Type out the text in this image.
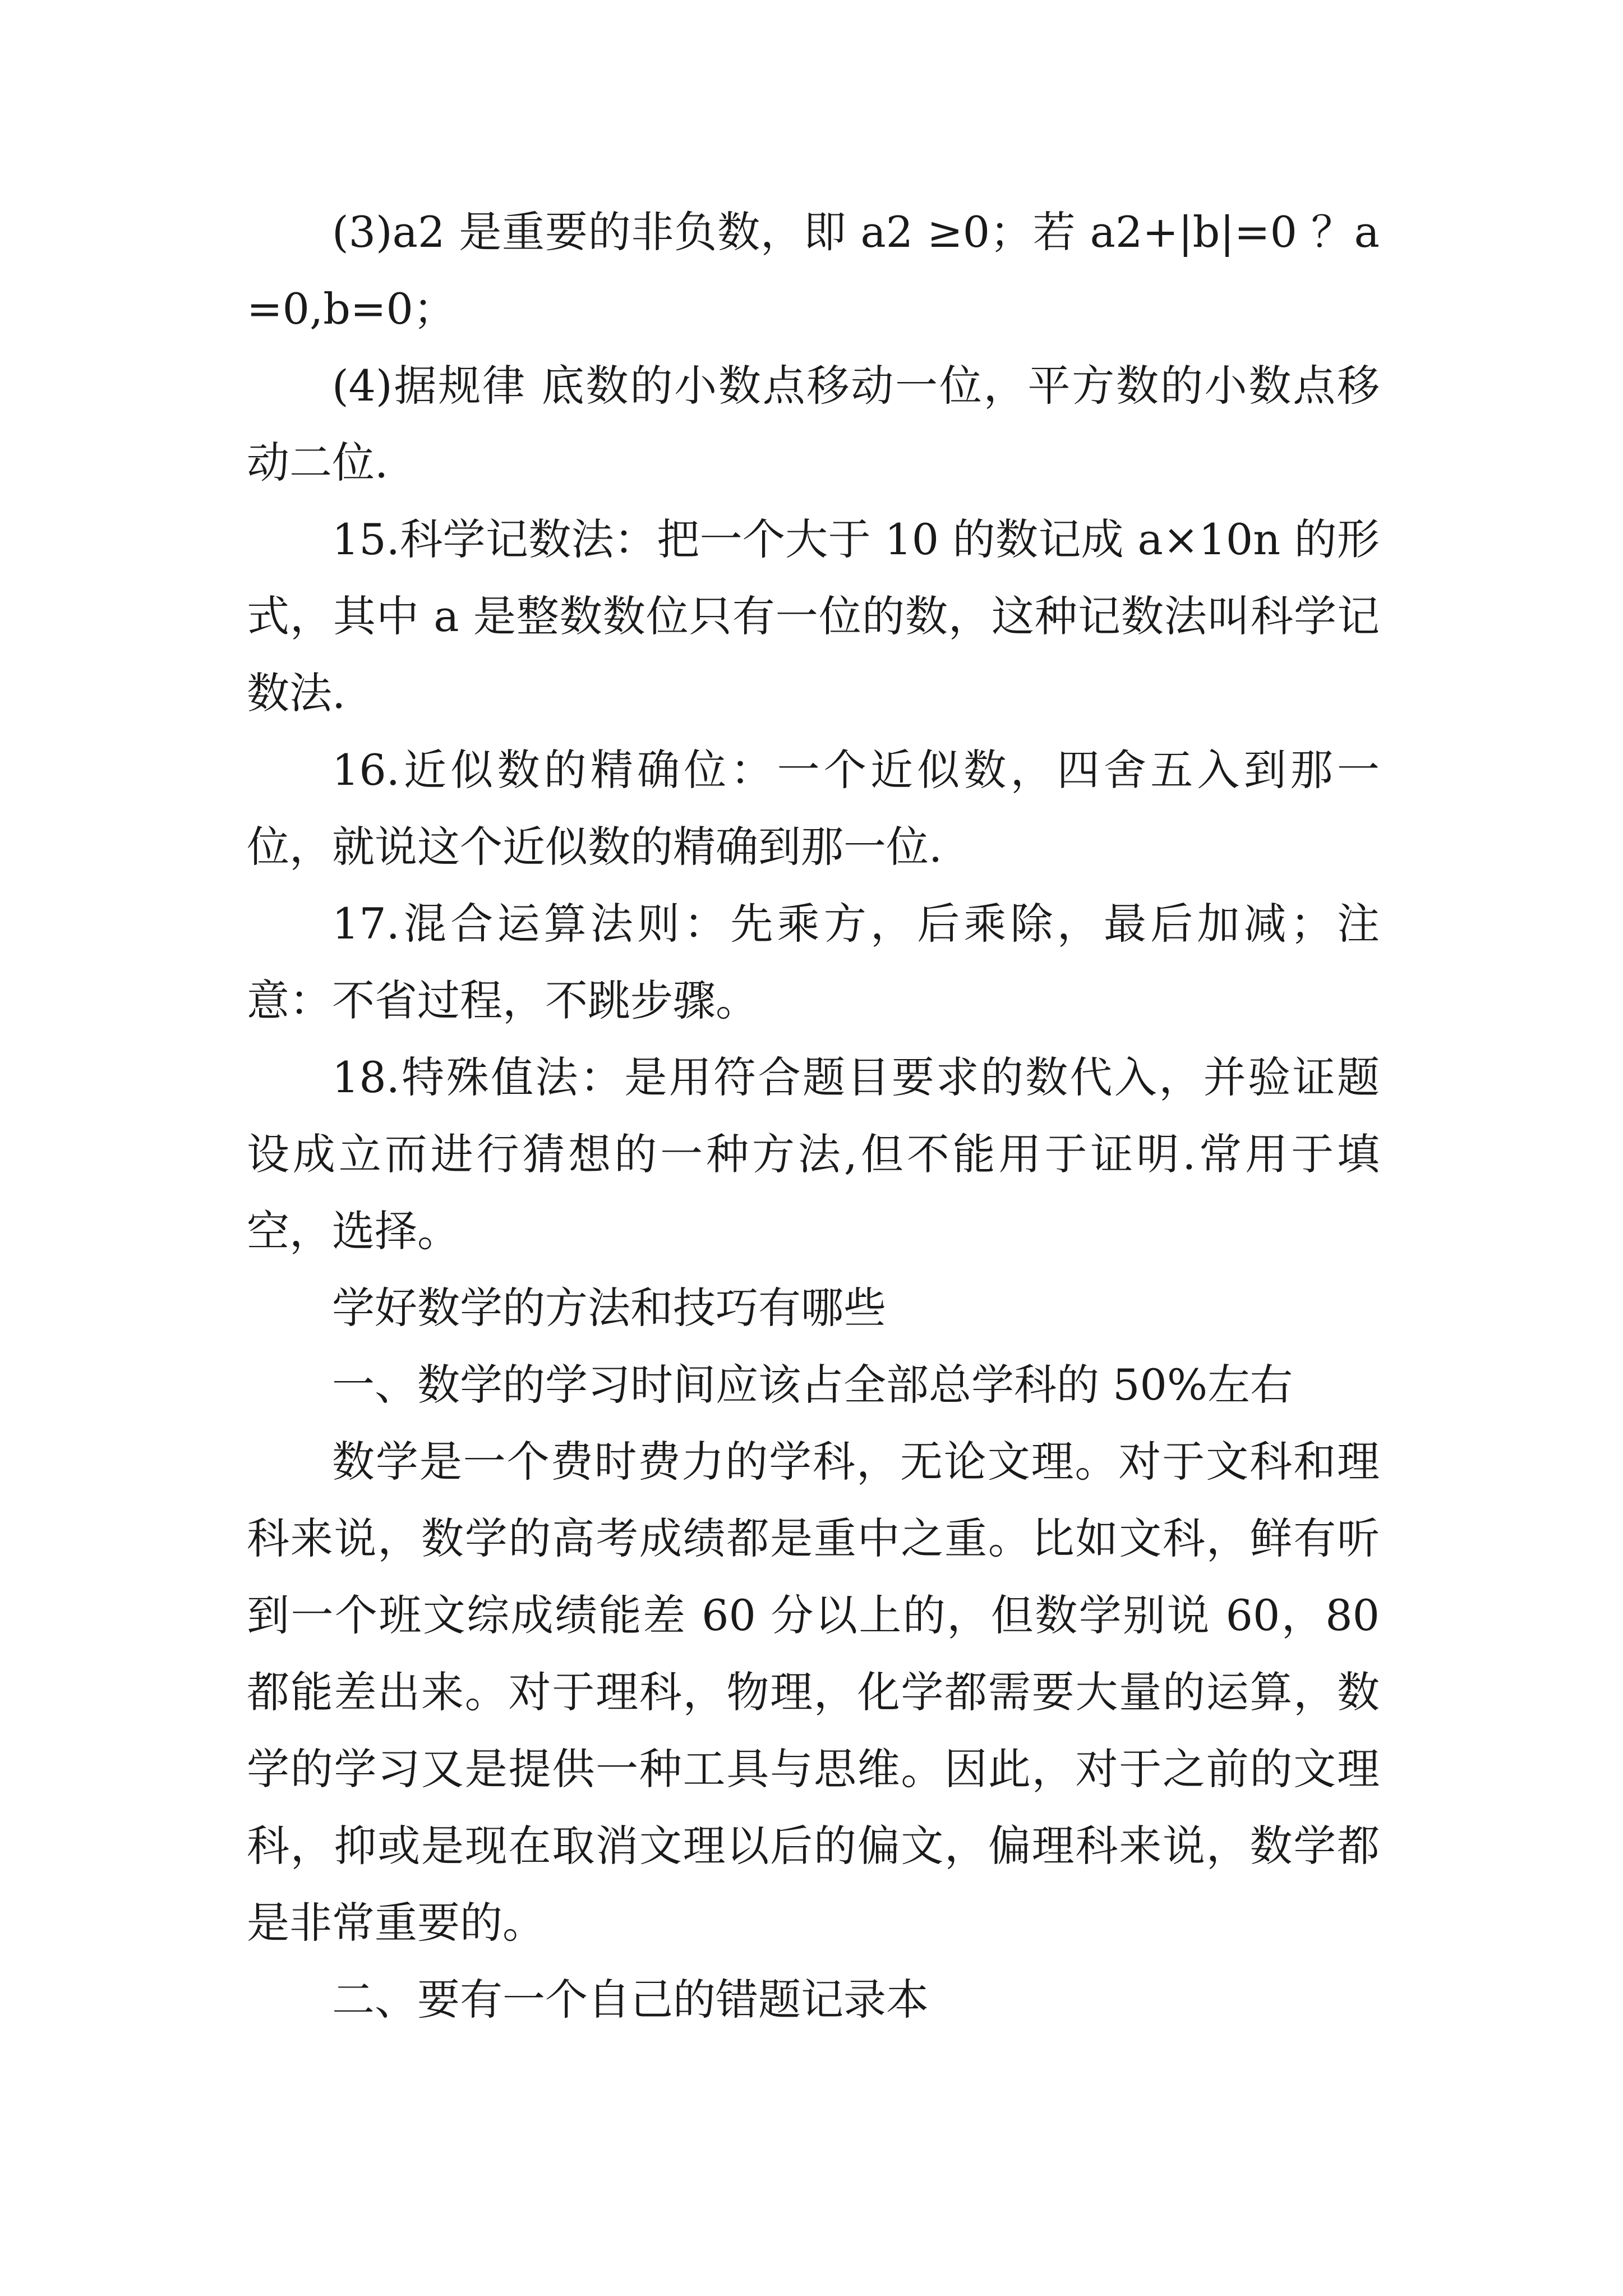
(3)a2 是重要的非负数，即 a2 ≥0；若 a2+|b|=0 ？a=0,b=0；

(4)据规律 底数的小数点移动一位，平方数的小数点移动二位.

15.科学记数法：把一个大于 10 的数记成 a×10n 的形式，其中 a 是整数数位只有一位的数，这种记数法叫科学记数法.

16.近似数的精确位：一个近似数，四舍五入到那一位，就说这个近似数的精确到那一位.

17.混合运算法则：先乘方，后乘除，最后加减；注意：不省过程，不跳步骤。

18.特殊值法：是用符合题目要求的数代入，并验证题设成立而进行猜想的一种方法,但不能用于证明.常用于填空，选择。

学好数学的方法和技巧有哪些

一、数学的学习时间应该占全部总学科的 50%左右

数学是一个费时费力的学科，无论文理。对于文科和理科来说，数学的高考成绩都是重中之重。比如文科，鲜有听到一个班文综成绩能差 60 分以上的，但数学别说 60，80 都能差出来。对于理科，物理，化学都需要大量的运算，数学的学习又是提供一种工具与思维。因此，对于之前的文理科，抑或是现在取消文理以后的偏文，偏理科来说，数学都是非常重要的。

二、要有一个自己的错题记录本
